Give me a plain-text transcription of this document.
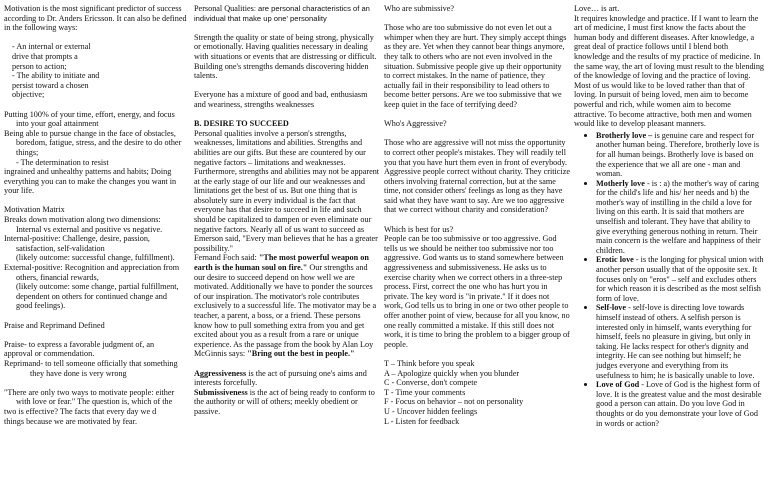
Motivation is the most significant predictor of success according to Dr. Anders Ericsson. It can also be defined in the following ways:

- An internal or external

drive that prompts a

person to action;

- The ability to initiate and

persist toward a chosen

objective;

Putting 100% of your time, effort, energy, and focus

into your goal attainment

Being able to pursue change in the face of obstacles,

boredom, fatigue, stress, and the desire to do other

things;

- The determination to resist

ingrained and unhealthy patterns and habits; Doing everything you can to make the changes you want in your life.

Motivation Matrix

Breaks down motivation along two dimensions:

Internal vs external and positive vs negative.

Internal-positive: Challenge, desire, passion,

satisfaction, self-validation

(likely outcome: successful change, fulfillment).

External-positive: Recognition and appreciation from

others, financial rewards,

(likely outcome: some change, partial fulfillment,

dependent on others for continued change and

good feelings).

Praise and Reprimand Defined

Praise- to express a favorable judgment of, an

approval or commendation.

Reprimand- to tell someone officially that something

they have done is very wrong

"There are only two ways to motivate people: either

with love or fear." The question is, which of the

two is effective? The facts that every day we d

things because we are motivated by fear.

Personal Qualities: are personal characteristics of an individual that make up one' personality

Strength the quality or state of being strong, physically or emotionally. Having qualities necessary in dealing with situations or events that are distressing or difficult. Building one's strengths demands discovering hidden talents.

Everyone has a mixture of good and bad, enthusiasm and weariness, strengths weaknesses

B. DESIRE TO SUCCEED

Personal qualities involve a person's strengths, weaknesses, limitations and abilities. Strengths and abilities are our gifts. But these are countered by our negative factors – limitations and weaknesses. Furthermore, strengths and abilities may not be apparent at the early stage of our life and our weaknesses and limitations get the best of us. But one thing that is absolutely sure in every individual is the fact that everyone has that desire to succeed in life and such should be capitalized to dampen or even eliminate our negative factors. Nearly all of us want to succeed as Emerson said, "Every man believes that he has a greater possibility."

Fernand Foch said: "The most powerful weapon on earth is the human soul on fire." Our strengths and our desire to succeed depend on how well we are motivated. Additionally we have to ponder the sources of our inspiration. The motivator's role contributes exclusively to a successful life. The motivator may be a teacher, a parent, a boss, or a friend. These persons know how to pull something extra from you and get excited about you as a result from a rare or unique experience. As the passage from the book by Alan Loy McGinnis says: "Bring out the best in people."

Aggressiveness is the act of pursuing one's aims and interests forcefully.

Submissiveness is the act of being ready to conform to the authority or will of others; meekly obedient or passive.

Who are submissive?

Those who are too submissive do not even let out a whimper when they are hurt. They simply accept things as they are. Yet when they cannot bear things anymore, they talk to others who are not even involved in the situation. Submissive people give up their opportunity to correct mistakes. In the name of patience, they actually fail in their responsibility to lead others to become better persons. Are we too submissive that we keep quiet in the face of terrifying deed?

Who's Aggressive?

Those who are aggressive will not miss the opportunity to correct other people's mistakes. They will readily tell you that you have hurt them even in front of everybody. Aggressive people correct without charity. They criticize others involving fraternal correction, but at the same time, not consider others' feelings as long as they have said what they have want to say. Are we too aggressive that we correct without charity and consideration?

Which is best for us?

People can be too submissive or too aggressive. God tells us we should be neither too submissive nor too aggressive. God wants us to stand somewhere between aggressiveness and submissiveness. He asks us to exercise charity when we correct others in a three-step process. First, correct the one who has hurt you in private. The key word is "in private." If it does not work, God tells us to bring in one or two other people to offer another point of view, because for all you know, no one really committed a mistake. If this still does not work, it is time to bring the problem to a bigger group of people.

T – Think before you speak

A – Apologize quickly when you blunder

C - Converse, don't compete

T - Time your comments

F - Focus on behavior – not on personality

U - Uncover hidden feelings

L - Listen for feedback

Love… is art.

It requires knowledge and practice. If I want to learn the art of medicine, I must first know the facts about the human body and different diseases. After knowledge, a great deal of practice follows until I blend both knowledge and the results of my practice of medicine. In the same way, the art of loving must result to the blending of the knowledge of loving and the practice of loving. Most of us would like to be loved rather than that of loving. In pursuit of being loved, men aim to become powerful and rich, while women aim to become attractive. To become attractive, both men and women would like to develop pleasant manners.

• Brotherly love – is genuine care and respect for another human being. Therefore, brotherly love is for all human beings. Brotherly love is based on the experience that we all are one - man and woman.
• Motherly love - is : a) the mother's way of caring for the child's life and his/ her needs and b) the mother's way of instilling in the child a love for living on this earth. It is said that mothers are unselfish and tolerant. They have that ability to give everything generous nothing in return. Their main concern is the welfare and happiness of their children.
• Erotic love - is the longing for physical union with another person usually that of the opposite sex. It focuses only on "eros" – self and excludes others for which reason it is described as the most selfish form of love.
• Self-love - self-love is directing love towards himself instead of others. A selfish person is interested only in himself, wants everything for himself, feels no pleasure in giving, but only in taking. He lacks respect for other's dignity and integrity. He can see nothing but himself; he judges everyone and everything from its usefulness to him; he is basically unable to love.
• Love of God - Love of God is the highest form of love. It is the greatest value and the most desirable good a person can attain. Do you love God in thoughts or do you demonstrate your love of God in words or action?
